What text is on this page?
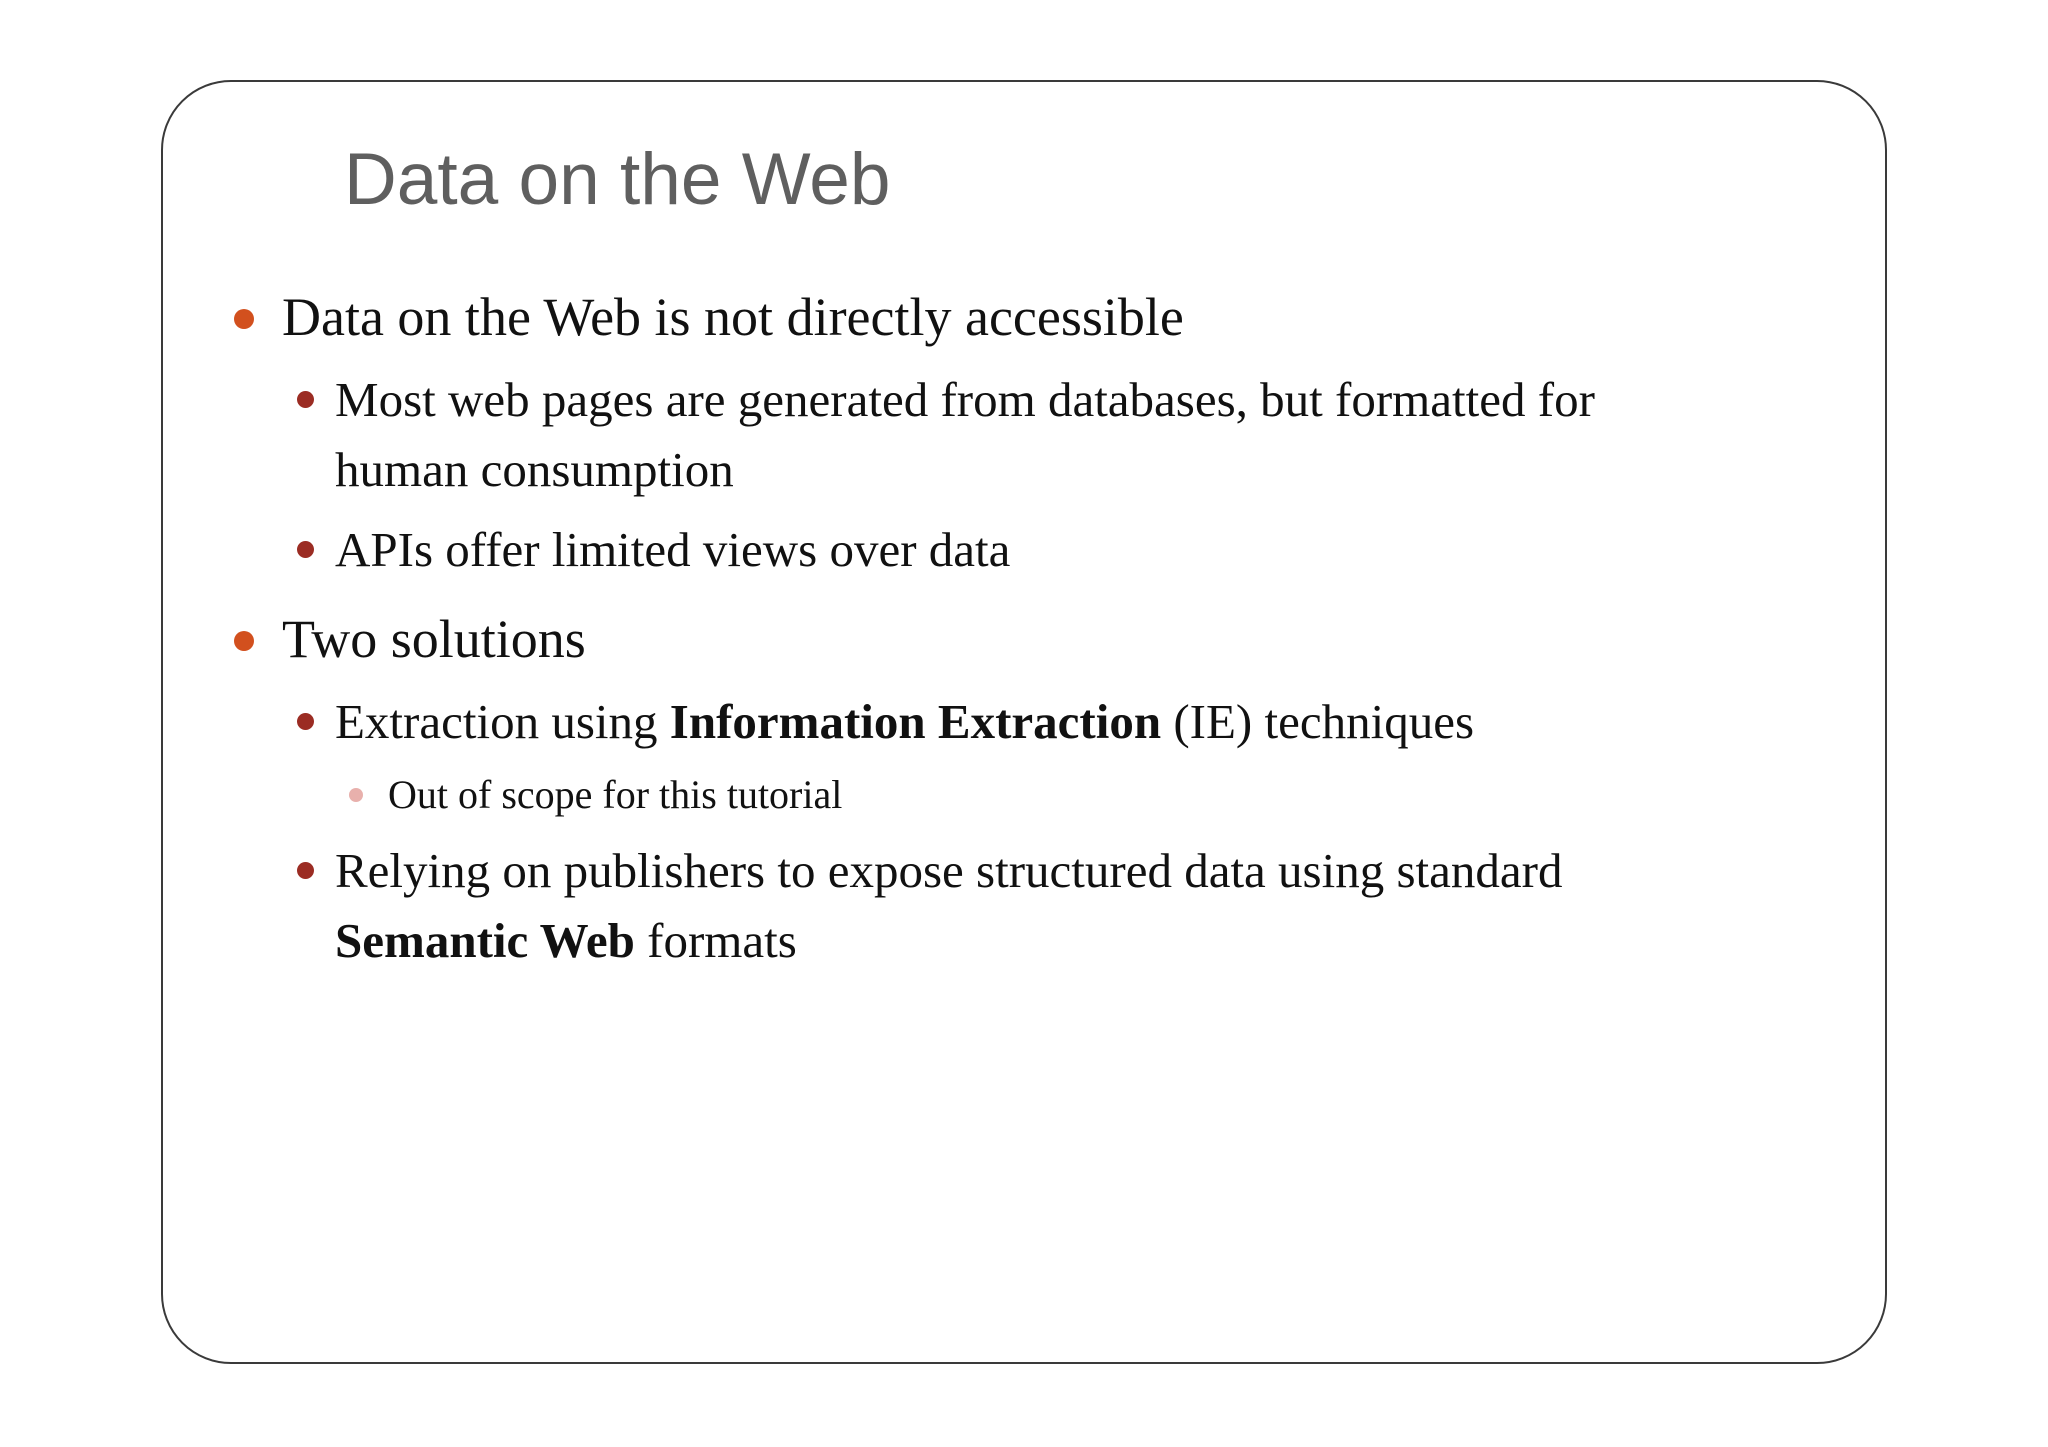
Data on the Web
Data on the Web is not directly accessible
Most web pages are generated from databases, but formatted for
human consumption
APIs offer limited views over data
Two solutions
Extraction using Information Extraction (IE) techniques
Out of scope for this tutorial
Relying on publishers to expose structured data using standard
Semantic Web formats
